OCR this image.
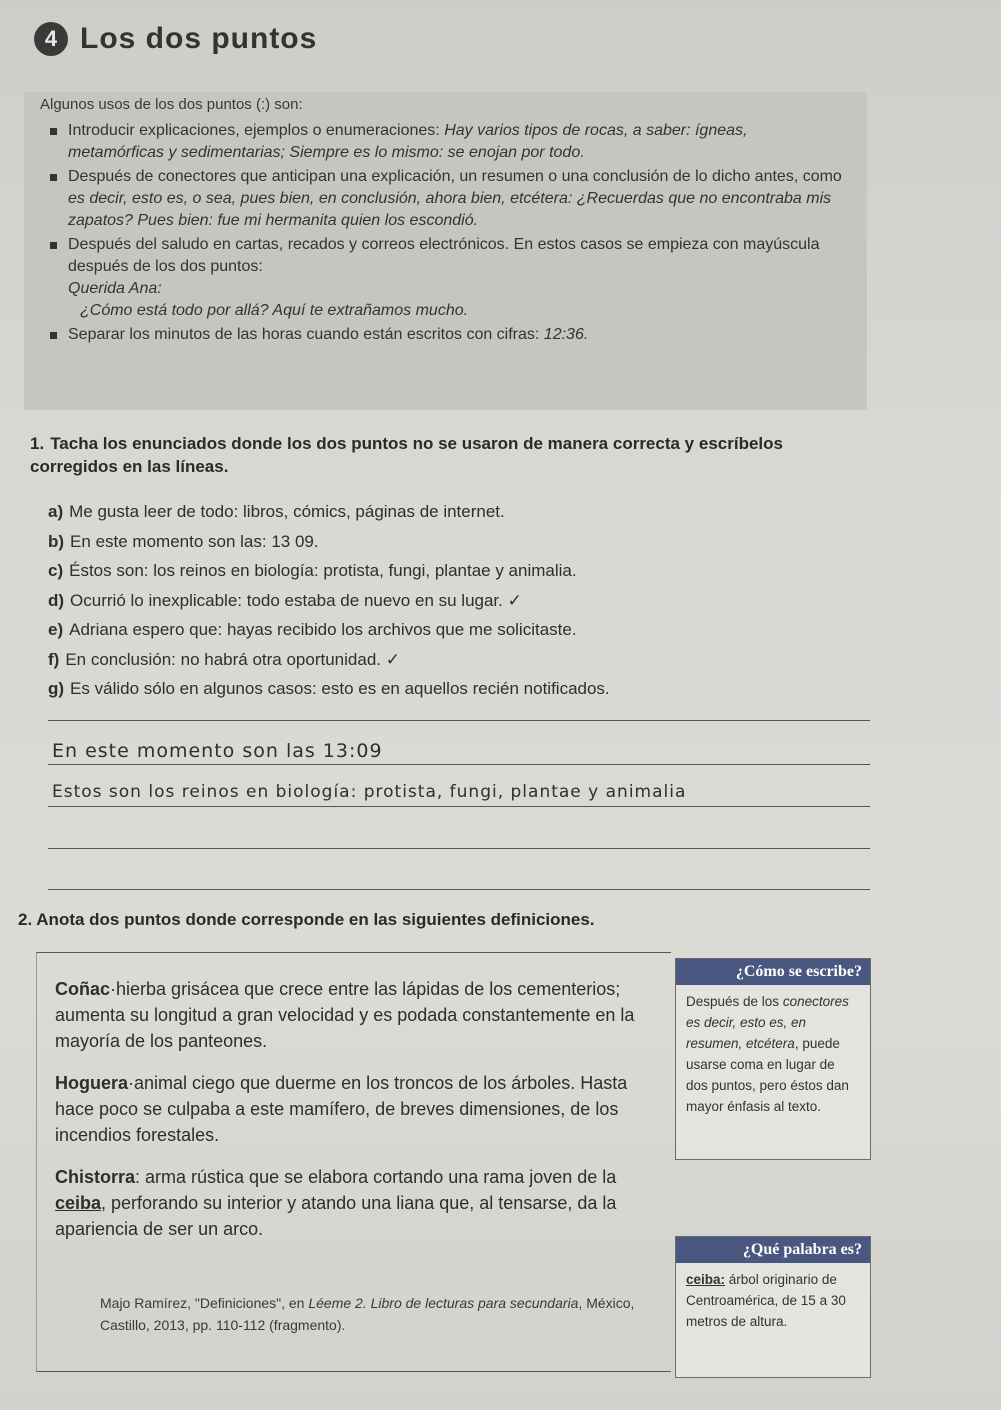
4 Los dos puntos
Algunos usos de los dos puntos (:) son:
Introducir explicaciones, ejemplos o enumeraciones: Hay varios tipos de rocas, a saber: ígneas, metamórficas y sedimentarias; Siempre es lo mismo: se enojan por todo.
Después de conectores que anticipan una explicación, un resumen o una conclusión de lo dicho antes, como es decir, esto es, o sea, pues bien, en conclusión, ahora bien, etcétera: ¿Recuerdas que no encontraba mis zapatos? Pues bien: fue mi hermanita quien los escondió.
Después del saludo en cartas, recados y correos electrónicos. En estos casos se empieza con mayúscula después de los dos puntos:
Querida Ana:
¿Cómo está todo por allá? Aquí te extrañamos mucho.
Separar los minutos de las horas cuando están escritos con cifras: 12:36.
1. Tacha los enunciados donde los dos puntos no se usaron de manera correcta y escríbelos corregidos en las líneas.
a) Me gusta leer de todo: libros, cómics, páginas de internet.
b) En este momento son las: 13 09.
c) Éstos son: los reinos en biología: protista, fungi, plantae y animalia.
d) Ocurrió lo inexplicable: todo estaba de nuevo en su lugar. ✓
e) Adriana espero que: hayas recibido los archivos que me solicitaste.
f) En conclusión: no habrá otra oportunidad. ✓
g) Es válido sólo en algunos casos: esto es en aquellos recién notificados.
En este momento son las 13:09
Estos son los reinos en biología: protista, fungi, plantae y animalia
2. Anota dos puntos donde corresponde en las siguientes definiciones.

Coñac·hierba grisácea que crece entre las lápidas de los cementerios; aumenta su longitud a gran velocidad y es podada constantemente en la mayoría de los panteones.

Hoguera·animal ciego que duerme en los troncos de los árboles. Hasta hace poco se culpaba a este mamífero, de breves dimensiones, de los incendios forestales.

Chistorra: arma rústica que se elabora cortando una rama joven de la ceiba, perforando su interior y atando una liana que, al tensarse, da la apariencia de ser un arco.

Majo Ramírez, "Definiciones", en Léeme 2. Libro de lecturas para secundaria, México, Castillo, 2013, pp. 110-112 (fragmento).
¿Cómo se escribe?
Después de los conectores es decir, esto es, en resumen, etcétera, puede usarse coma en lugar de dos puntos, pero éstos dan mayor énfasis al texto.
¿Qué palabra es?
ceiba: árbol originario de Centroamérica, de 15 a 30 metros de altura.
